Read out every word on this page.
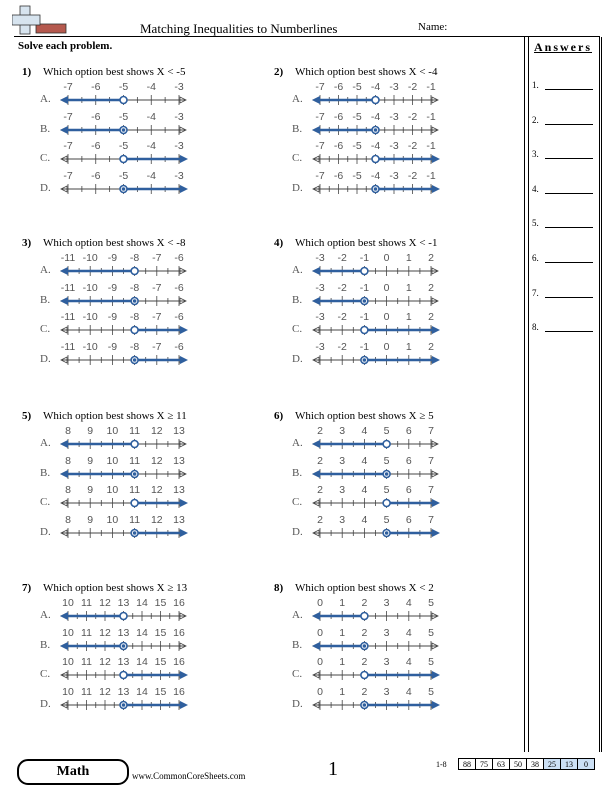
Matching Inequalities to Numberlines	Name:
Solve each problem.	Answers
1.
2.
3.
4.
5.
6.
7.
8.
1) Which option best shows X < -5
A.
-7 -6 -5 -4 -3
B.
-7 -6 -5 -4 -3
C.
-7 -6 -5 -4 -3
D.
-7 -6 -5 -4 -3
2) Which option best shows X < -4
A.
-7 -6 -5 -4 -3 -2 -1
B.
-7 -6 -5 -4 -3 -2 -1
C.
-7 -6 -5 -4 -3 -2 -1
D.
-7 -6 -5 -4 -3 -2 -1
3) Which option best shows X < -8
A.
-11 -10 -9 -8 -7 -6
B.
-11 -10 -9 -8 -7 -6
C.
-11 -10 -9 -8 -7 -6
D.
-11 -10 -9 -8 -7 -6
4) Which option best shows X < -1
A.
-3 -2 -1 0 1 2
B.
-3 -2 -1 0 1 2
C.
-3 -2 -1 0 1 2
D.
-3 -2 -1 0 1 2
5) Which option best shows X ≥ 11
A.
8 9 10 11 12 13
B.
8 9 10 11 12 13
C.
8 9 10 11 12 13
D.
8 9 10 11 12 13
6) Which option best shows X ≥ 5
A.
2 3 4 5 6 7
B.
2 3 4 5 6 7
C.
2 3 4 5 6 7
D.
2 3 4 5 6 7
7) Which option best shows X ≥ 13
A.
10 11 12 13 14 15 16
B.
10 11 12 13 14 15 16
C.
10 11 12 13 14 15 16
D.
10 11 12 13 14 15 16
8) Which option best shows X < 2
A.
0 1 2 3 4 5
B.
0 1 2 3 4 5
C.
0 1 2 3 4 5
D.
0 1 2 3 4 5
Math	www.CommonCoreSheets.com	1	1-8 88	75	63	50	38	25	13	0
